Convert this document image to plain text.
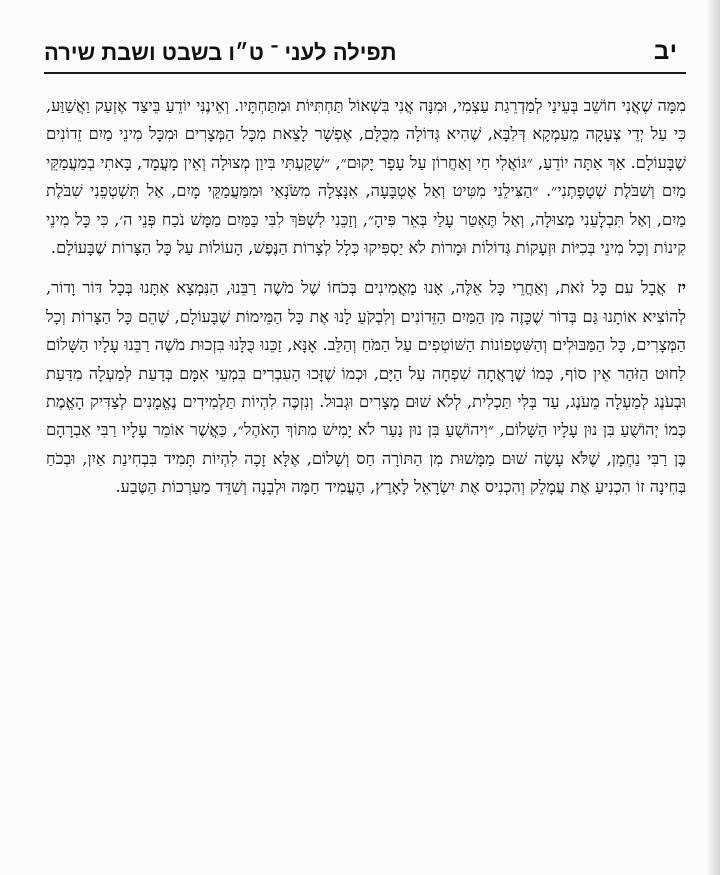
יב
תפילה לעני ־ ט״ו בשבט ושבת שירה

מִמָּה שֶׁאֲנִי חוֹשֵׁב בְּעֵינַי לְמַדְרֵגַת עַצְמִי, וּמִנָּה אֲנִי בִּשְׁאוֹל תַּחְתִּיּוֹת וּמִתַּחְתָּיו. וְאֵינֶנִּי יוֹדֵעַ בֵּיצַד אֶזְעַק וַאֲשַׁוַּע, כִּי עַל יְדֵי צְעָקָה מֵעַמְקָא דְּלִבָּא, שֶׁהִיא גְּדוֹלָה מִכֻּלָּם, אֶפְשָׁר לָצֵאת מִכָּל הַמְּצָרִים וּמִכָּל מִינֵי מַיִם זֵדוֹנִים שֶׁבָּעוֹלָם. אַךְ אַתָּה יוֹדֵעַ, ״גּוֹאֲלִי חַי וְאַחֲרוֹן עַל עָפָר יָקוּם״, ״שָׁקַעְתִּי בִּיוַן מְצוּלָה וְאֵין מָעֳמָד, בָּאתִי בְמַעֲמַקֵּי מַיִם וְשִׁבֹּלֶת שְׁטָפָתְנִי״. ״הַצִּילֵנִי מִטִּיט וְאַל אֶטְבָּעָה, אִנָּצְלָה מִשֹּׂנְאַי וּמִמַּעֲמַקֵּי מָיִם, אַל תִּשְׁטְפֵנִי שִׁבֹּלֶת מַיִם, וְאַל תִּבְלָעֵנִי מְצוּלָה, וְאַל תֶּאְטַר עָלַי בְּאֵר פִּיהָ״, וְזַכֵּנִי לִשְׁפֹּךְ לִבִּי כַּמַּיִם מַמָּשׁ נֹכַח פְּנֵי ה׳, כִּי כָּל מִינֵי קִינוֹת וְכָל מִינֵי בְּכִיּוֹת וּזְעָקוֹת גְּדוֹלוֹת וּמָרוֹת לֹא יַסְפִּיקוּ כְּלָל לְצָרוֹת הַנֶּפֶשׁ, הָעוֹלוֹת עַל כָּל הַצָּרוֹת שֶׁבָּעוֹלָם.

יז אֲבָל עִם כָּל זֹאת, וְאַחֲרֵי כָּל אֵלֶּה, אָנוּ מַאֲמִינִים בְּכֹחוֹ שֶׁל מֹשֶׁה רַבֵּנוּ, הַנִּמְצָא אִתָּנוּ בְּכָל דּוֹר וָדוֹר, לְהוֹצִיא אוֹתָנוּ גַּם בְּדוֹר שֶׁכָּזֶה מִן הַמַּיִם הַזֵּדוֹנִים וְלִבְקֹעַ לָנוּ אֶת כָּל הַמֵּימוֹת שֶׁבָּעוֹלָם, שֶׁהֵם כָּל הַצָּרוֹת וְכָל הַמְּצָרִים, כָּל הַמַּבּוּלִים וְהַשִּׁטְפוֹנוֹת הַשּׁוֹטְפִים עַל הַמֹּחַ וְהַלֵּב. אָנָּא, זַכֵּנוּ כֻּלָּנוּ בִּזְכוּת מֹשֶׁה רַבֵּנוּ עָלָיו הַשָּׁלוֹם לַחוּט הַזֹּהַר אֵין סוֹף, כְּמוֹ שֶׁרָאֲתָה שִׁפְחָה עַל הַיָּם, וּכְמוֹ שֶׁזָּכוּ הָעִבְרִים בִּמְעֵי אִמָּם בְּדַעַת לְמַעְלָה מִדַּעַת וּבְעֹנֶג לְמַעְלָה מֵעֹנֶג, עַד בְּלִי תַּכְלִית, לְלֹא שׁוּם מְצָרִים וּגְבוּל. וְנִזְכֶּה לִהְיוֹת תַּלְמִידִים נֶאֱמָנִים לְצַדִּיק הָאֱמֶת כְּמוֹ יְהוֹשֻׁעַ בִּן נוּן עָלָיו הַשָּׁלוֹם, ״וִיהוֹשֻׁעַ בִּן נוּן נַעַר לֹא יָמִישׁ מִתּוֹךְ הָאֹהֶל״, כַּאֲשֶׁר אוֹמֵר עָלָיו רַבִּי אַבְרָהָם בֶּן רַבִּי נַחְמָן, שֶׁלֹּא עָשָׂה שׁוּם מַמָּשׁוּת מִן הַתּוֹרָה חַס וְשָׁלוֹם, אֶלָּא זָכָה לִהְיוֹת תָּמִיד בִּבְחִינַת אַיִן, וּבְכֹחַ בְּחִינָה זוֹ הִכְנִיעַ אֶת עֲמָלֵק וְהִכְנִיס אֶת יִשְׂרָאֵל לָאָרֶץ, הֶעֱמִיד חַמָּה וּלְבָנָה וְשִׁדֵּד מַעַרְכוֹת הַטֶּבַע.
